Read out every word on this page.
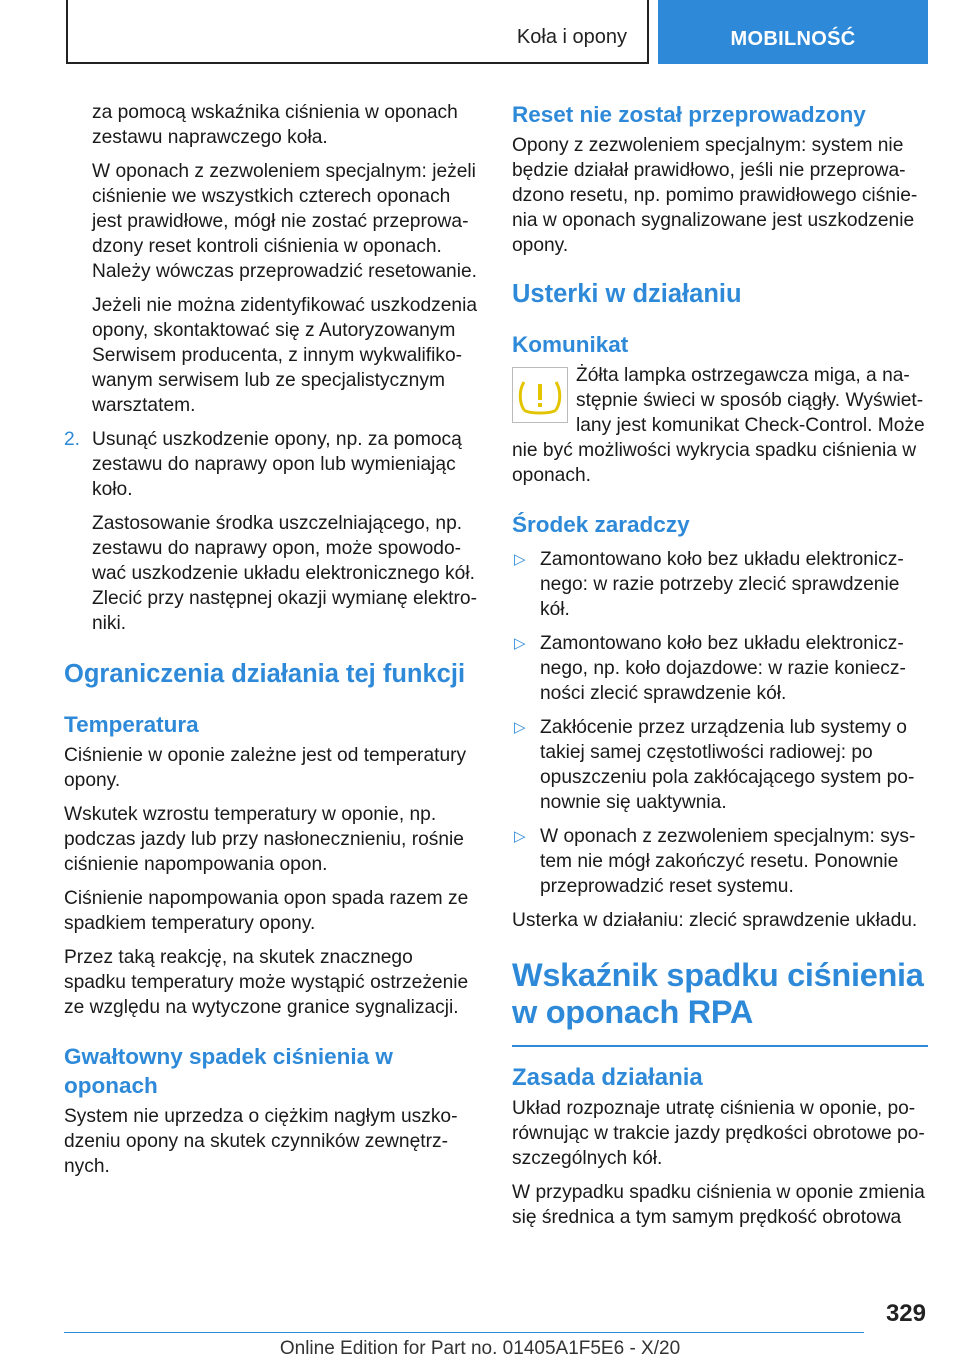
Koła i opony	MOBILNOŚĆ

za pomocą wskaźnika ciśnienia w oponach zestawu naprawczego koła.

W oponach z zezwoleniem specjalnym: jeżeli ciśnienie we wszystkich czterech oponach jest prawidłowe, mógł nie zostać przeprowadzony reset kontroli ciśnienia w oponach. Należy wówczas przeprowadzić resetowanie.

Jeżeli nie można zidentyfikować uszkodzenia opony, skontaktować się z Autoryzowanym Serwisem producenta, z innym wykwalifikowanym serwisem lub ze specjalistycznym warsztatem.

2. Usunąć uszkodzenie opony, np. za pomocą zestawu do naprawy opon lub wymieniając koło.

Zastosowanie środka uszczelniającego, np. zestawu do naprawy opon, może spowodować uszkodzenie układu elektronicznego kół. Zlecić przy następnej okazji wymianę elektroniki.

Ograniczenia działania tej funkcji
Temperatura

Ciśnienie w oponie zależne jest od temperatury opony.

Wskutek wzrostu temperatury w oponie, np. podczas jazdy lub przy nasłonecznieniu, rośnie ciśnienie napompowania opon.

Ciśnienie napompowania opon spada razem ze spadkiem temperatury opony.

Przez taką reakcję, na skutek znacznego spadku temperatury może wystąpić ostrzeżenie ze względu na wytyczone granice sygnalizacji.

Gwałtowny spadek ciśnienia w oponach

System nie uprzedza o ciężkim nagłym uszkodzeniu opony na skutek czynników zewnętrznych.

Reset nie został przeprowadzony

Opony z zezwoleniem specjalnym: system nie będzie działał prawidłowo, jeśli nie przeprowadzono resetu, np. pomimo prawidłowego ciśnienia w oponach sygnalizowane jest uszkodzenie opony.

Usterki w działaniu
Komunikat

Żółta lampka ostrzegawcza miga, a następnie świeci w sposób ciągły. Wyświetlany jest komunikat Check-Control. Może nie być możliwości wykrycia spadku ciśnienia w oponach.

Środek zaradczy
▷ Zamontowano koło bez układu elektronicznego: w razie potrzeby zlecić sprawdzenie kół.
▷ Zamontowano koło bez układu elektronicznego, np. koło dojazdowe: w razie konieczności zlecić sprawdzenie kół.
▷ Zakłócenie przez urządzenia lub systemy o takiej samej częstotliwości radiowej: po opuszczeniu pola zakłócającego system ponownie się uaktywnia.
▷ W oponach z zezwoleniem specjalnym: system nie mógł zakończyć resetu. Ponownie przeprowadzić reset systemu.

Usterka w działaniu: zlecić sprawdzenie układu.

Wskaźnik spadku ciśnienia w oponach RPA
Zasada działania

Układ rozpoznaje utratę ciśnienia w oponie, porównując w trakcie jazdy prędkości obrotowe poszczególnych kół.

W przypadku spadku ciśnienia w oponie zmienia się średnica a tym samym prędkość obrotowa

329
Online Edition for Part no. 01405A1F5E6 - X/20
